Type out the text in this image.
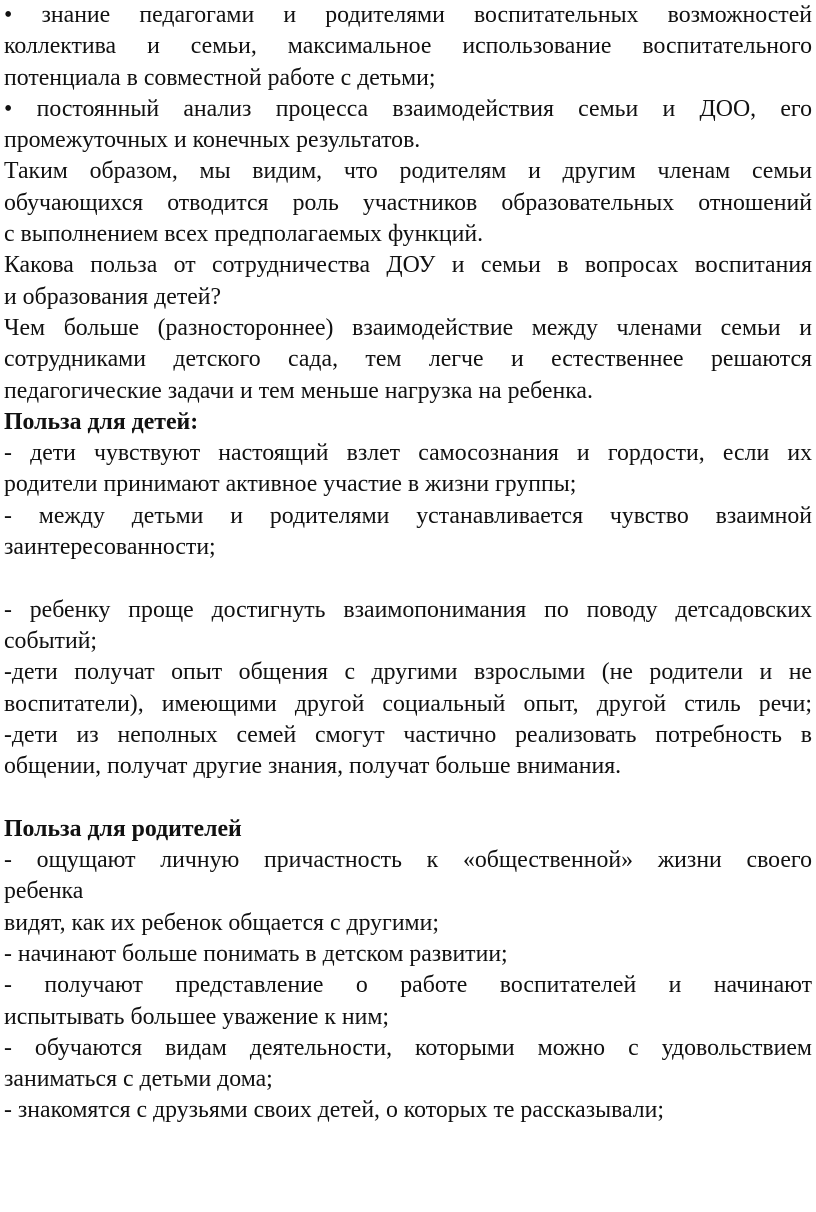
• знание педагогами и родителями воспитательных возможностей
коллектива и семьи, максимальное использование воспитательного
потенциала в совместной работе с детьми;
• постоянный анализ процесса взаимодействия семьи и ДОО, его
промежуточных и конечных результатов.
Таким образом, мы видим, что родителям и другим членам семьи
обучающихся отводится роль участников образовательных отношений
с выполнением всех предполагаемых функций.
Какова польза от сотрудничества ДОУ и семьи в вопросах воспитания
и образования детей?
Чем больше (разностороннее) взаимодействие между членами семьи и
сотрудниками детского сада, тем легче и естественнее решаются
педагогические задачи и тем меньше нагрузка на ребенка.
Польза для детей:
- дети чувствуют настоящий взлет самосознания и гордости, если их
родители принимают активное участие в жизни группы;
- между детьми и родителями устанавливается чувство взаимной
заинтересованности;
- ребенку проще достигнуть взаимопонимания по поводу детсадовских
событий;
-дети получат опыт общения с другими взрослыми (не родители и не
воспитатели), имеющими другой социальный опыт, другой стиль речи;
-дети из неполных семей смогут частично реализовать потребность в
общении, получат другие знания, получат больше внимания.
Польза для родителей
- ощущают личную причастность к «общественной» жизни своего
ребенка
видят, как их ребенок общается с другими;
- начинают больше понимать в детском развитии;
- получают представление о работе воспитателей и начинают
испытывать большее уважение к ним;
- обучаются видам деятельности, которыми можно с удовольствием
заниматься с детьми дома;
- знакомятся с друзьями своих детей, о которых те рассказывали;
